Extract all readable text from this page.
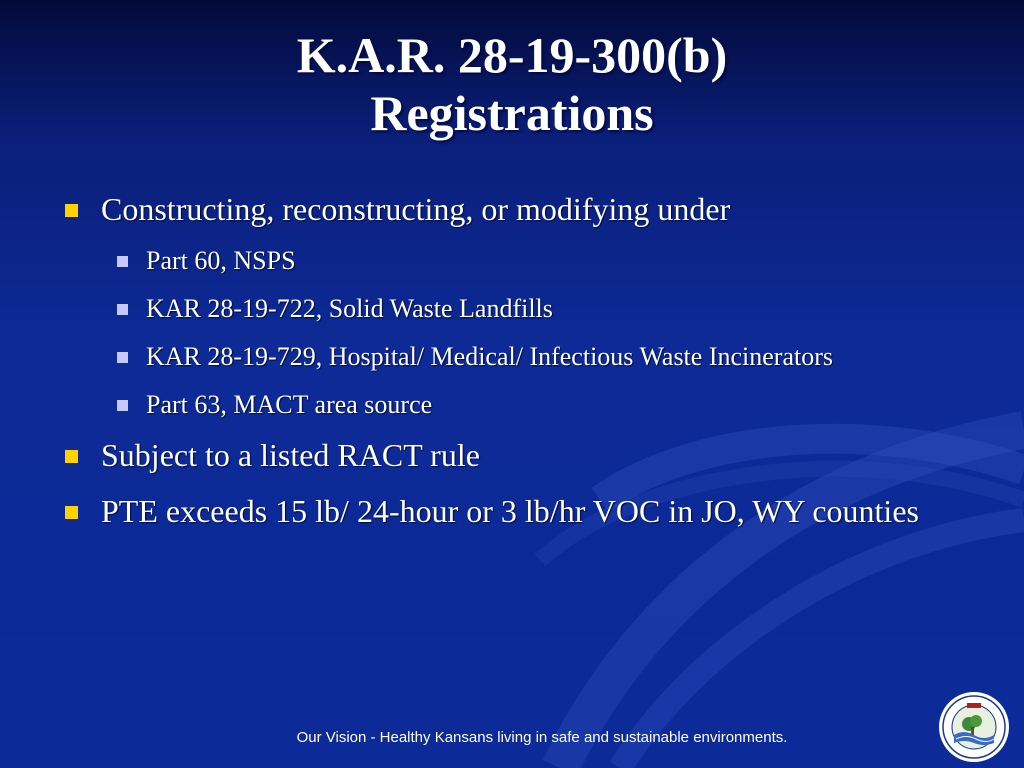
K.A.R. 28-19-300(b)
Registrations
Constructing, reconstructing, or modifying under
Part 60, NSPS
KAR 28-19-722, Solid Waste Landfills
KAR 28-19-729, Hospital/ Medical/ Infectious Waste Incinerators
Part 63, MACT area source
Subject to a listed RACT rule
PTE exceeds 15 lb/ 24-hour or 3 lb/hr VOC in JO, WY counties
Our Vision - Healthy Kansans living in safe and sustainable environments.
